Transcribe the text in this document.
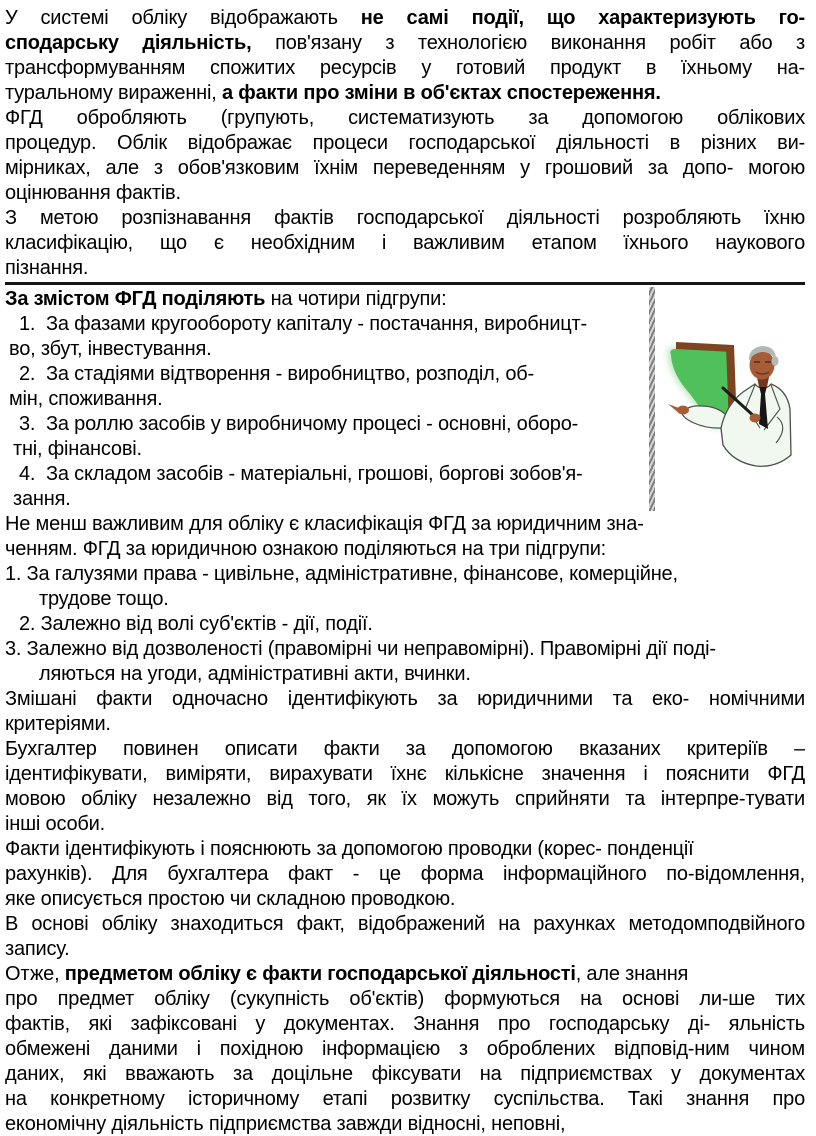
У системі обліку відображають не самі події, що характеризують го-
сподарську діяльність, пов'язану з технологією виконання робіт або з
трансформуванням спожитих ресурсів у готовий продукт в їхньому на-
туральному вираженні, а факти про зміни в об'єктах спостереження.
ФГД обробляють (групують, систематизують за допомогою облікових
процедур. Облік відображає процеси господарської діяльності в різних ви-
мірниках, але з обов'язковим їхнім переведенням у грошовий за допо- могою
оцінювання фактів.
З метою розпізнавання фактів господарської діяльності розробляють їхню
класифікацію, що є необхідним і важливим етапом їхнього наукового
пізнання.
За змістом ФГД поділяють на чотири підгрупи:
1.  За фазами кругообороту капіталу - постачання, виробницт-
во, збут, інвестування.
2.  За стадіями відтворення - виробництво, розподіл, об-
мін, споживання.
3.  За роллю засобів у виробничому процесі - основні, оборо-
тні, фінансові.
4.  За складом засобів - матеріальні, грошові, боргові зобов'я-
зання.
Не менш важливим для обліку є класифікація ФГД за юридичним зна-
ченням. ФГД за юридичною ознакою поділяються на три підгрупи:
1. За галузями права - цивільне, адміністративне, фінансове, комерційне,
трудове тощо.
2. Залежно від волі суб'єктів - дії, події.
3. Залежно від дозволеності (правомірні чи неправомірні). Правомірні дії поді-
ляються на угоди, адміністративні акти, вчинки.
Змішані факти одночасно ідентифікують за юридичними та еко- номічними
критеріями.
Бухгалтер повинен описати факти за допомогою вказаних критеріїв –
ідентифікувати, виміряти, вирахувати їхнє кількісне значення і пояснити ФГД
мовою обліку незалежно від того, як їх можуть сприйняти та інтерпре-тувати
інші особи.
Факти ідентифікують і пояснюють за допомогою проводки (корес- понденції
рахунків). Для бухгалтера факт - це форма інформаційного по-відомлення,
яке описується простою чи складною проводкою.
В основі обліку знаходиться факт, відображений на рахунках методомподвійного
запису.
Отже, предметом обліку є факти господарської діяльності, але знання
про предмет обліку (сукупність об'єктів) формуються на основі ли-ше тих
фактів, які зафіксовані у документах. Знання про господарську ді- яльність
обмежені даними і похідною інформацією з оброблених відповід-ним чином
даних, які вважають за доцільне фіксувати на підприємствах у документах
на конкретному історичному етапі розвитку суспільства. Такі знання про
економічну діяльність підприємства завжди відносні, неповні,
